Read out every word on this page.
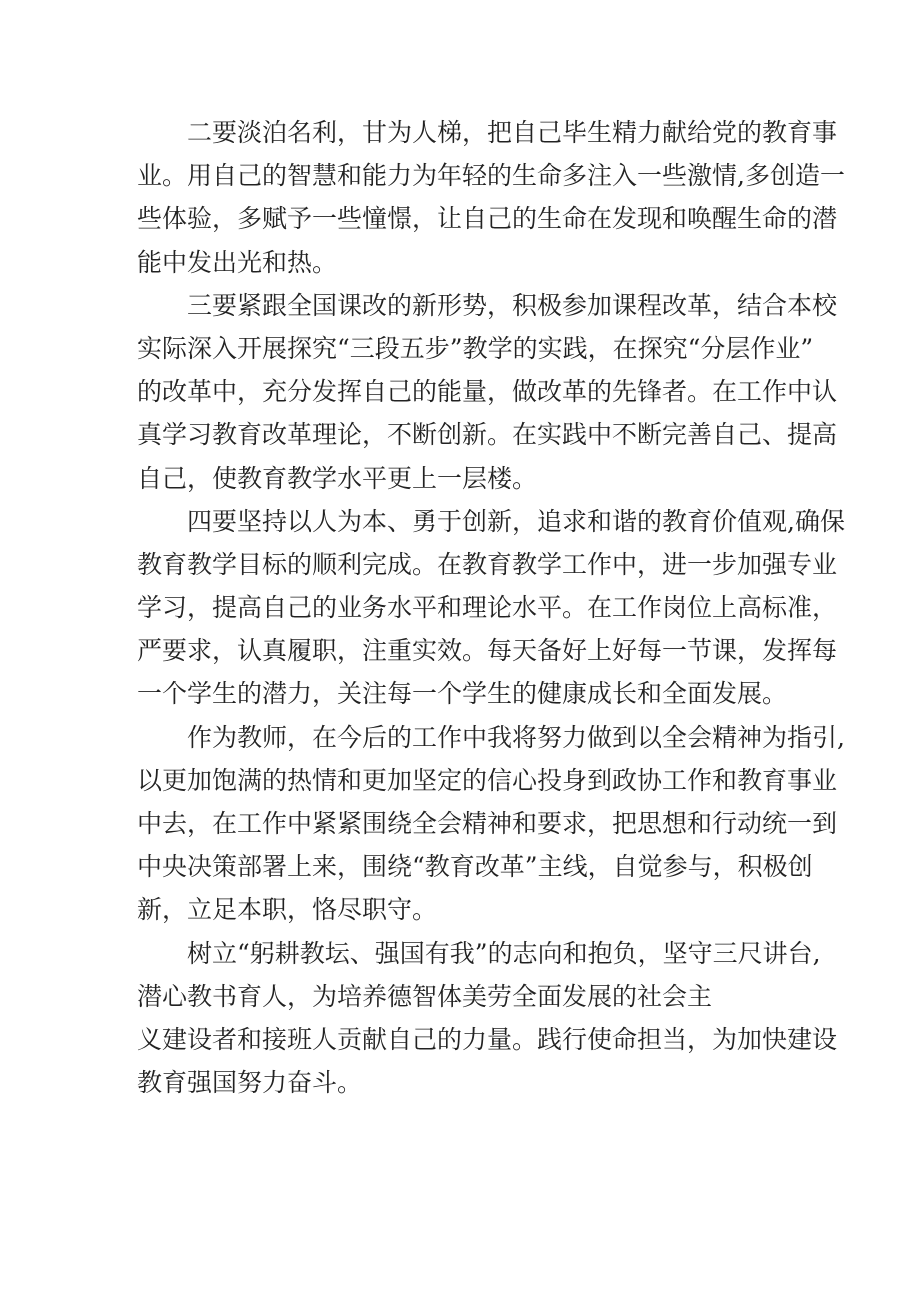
二要淡泊名利，甘为人梯，把自己毕生精力献给党的教育事
业。用自己的智慧和能力为年轻的生命多注入一些激情,多创造一
些体验，多赋予一些憧憬，让自己的生命在发现和唤醒生命的潜
能中发出光和热。
三要紧跟全国课改的新形势，积极参加课程改革，结合本校
实际深入开展探究“三段五步”教学的实践，在探究“分层作业”
的改革中，充分发挥自己的能量，做改革的先锋者。在工作中认
真学习教育改革理论，不断创新。在实践中不断完善自己、提高
自己，使教育教学水平更上一层楼。
四要坚持以人为本、勇于创新，追求和谐的教育价值观,确保
教育教学目标的顺利完成。在教育教学工作中，进一步加强专业
学习，提高自己的业务水平和理论水平。在工作岗位上高标准，
严要求，认真履职，注重实效。每天备好上好每一节课，发挥每
一个学生的潜力，关注每一个学生的健康成长和全面发展。
作为教师，在今后的工作中我将努力做到以全会精神为指引,
以更加饱满的热情和更加坚定的信心投身到政协工作和教育事业
中去，在工作中紧紧围绕全会精神和要求，把思想和行动统一到
中央决策部署上来，围绕“教育改革”主线，自觉参与，积极创
新，立足本职，恪尽职守。
树立“躬耕教坛、强国有我”的志向和抱负，坚守三尺讲台,
潜心教书育人，为培养德智体美劳全面发展的社会主
义建设者和接班人贡献自己的力量。践行使命担当，为加快建设
教育强国努力奋斗。
